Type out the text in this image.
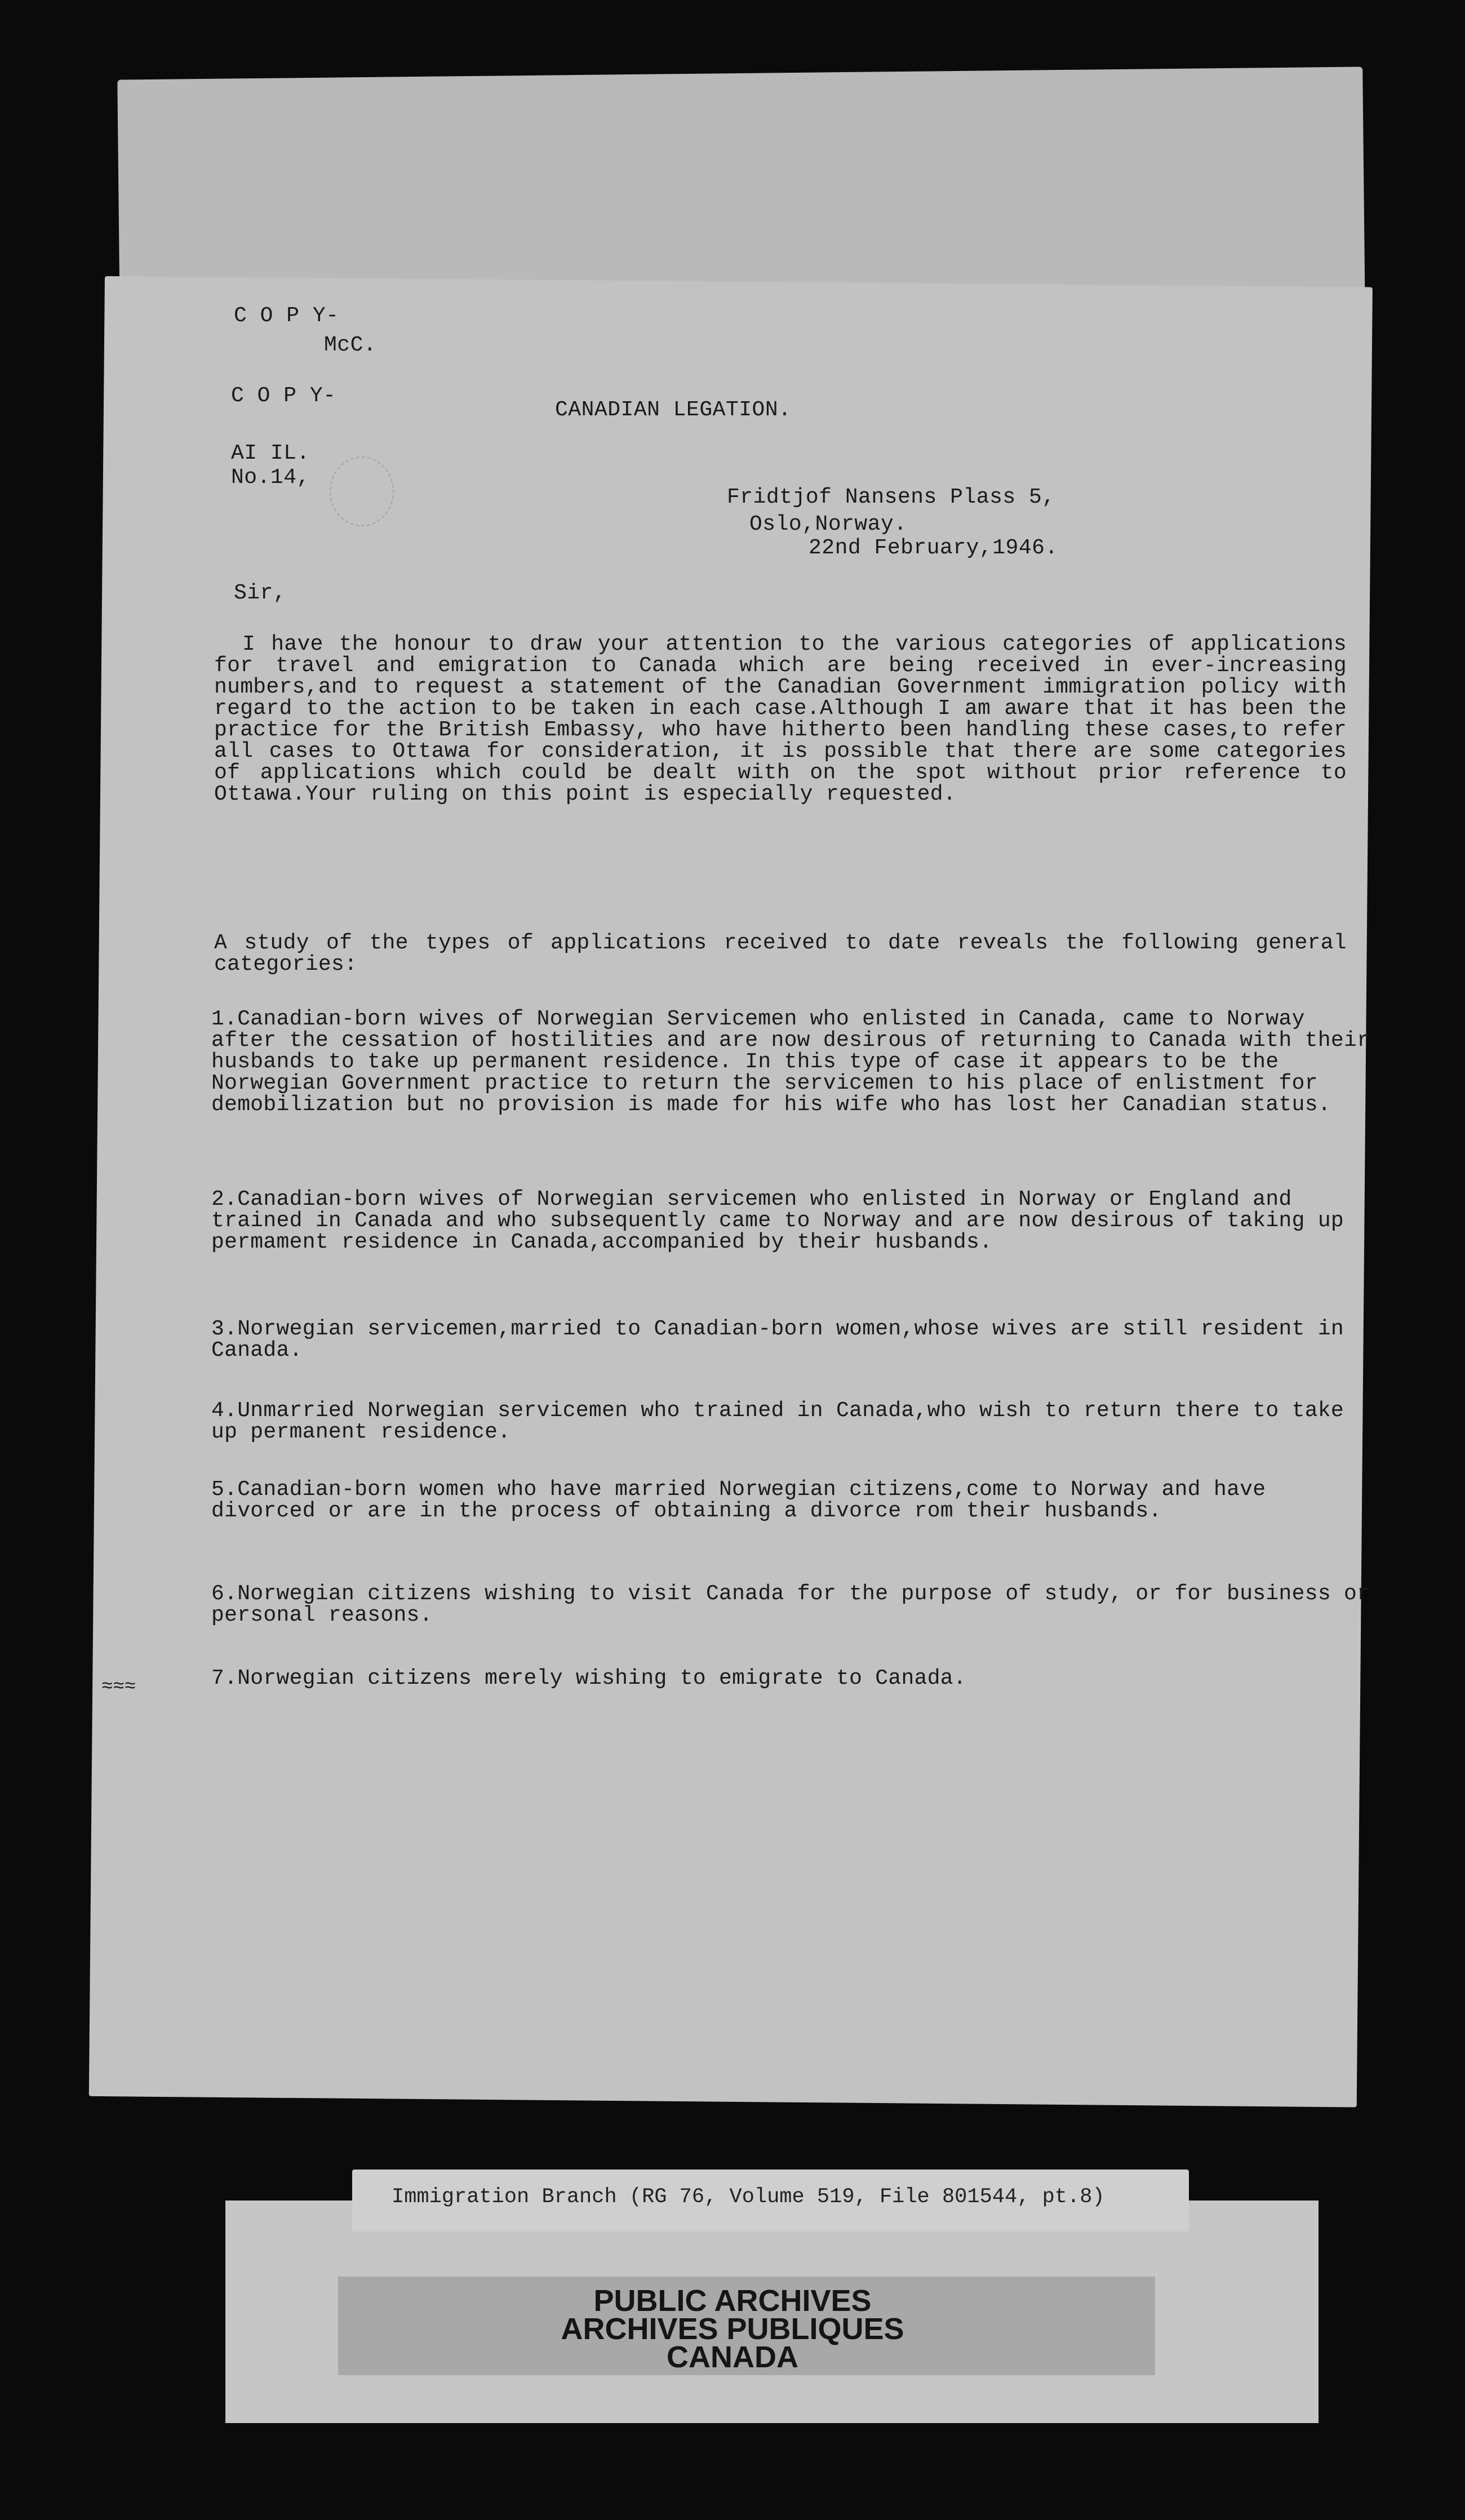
C O P Y-
McC.
C O P Y-
CANADIAN LEGATION.
AI IL.
No.14,
Fridtjof Nansens Plass 5,
Oslo,Norway.
22nd February,1946.
Sir,
I have the honour to draw your attention to the various categories of applications for travel and emigration to Canada which are being received in ever-increasing numbers,and to request a statement of the Canadian Government immigration policy with regard to the action to be taken in each case.Although I am aware that it has been the practice for the British Embassy, who have hitherto been handling these cases,to refer all cases to Ottawa for consideration, it is possible that there are some categories of applications which could be dealt with on the spot without prior reference to Ottawa.Your ruling on this point is especially requested.
A study of the types of applications received to date reveals the following general categories:
1.Canadian-born wives of Norwegian Servicemen who enlisted in Canada, came to Norway after the cessation of hostilities and are now desirous of returning to Canada with their husbands to take up permanent residence. In this type of case it appears to be the Norwegian Government practice to return the servicemen to his place of enlistment for demobilization but no provision is made for his wife who has lost her Canadian status.
2.Canadian-born wives of Norwegian servicemen who enlisted in Norway or England and trained in Canada and who subsequently came to Norway and are now desirous of taking up permament residence in Canada,accompanied by their husbands.
3.Norwegian servicemen,married to Canadian-born women,whose wives are still resident in Canada.
4.Unmarried Norwegian servicemen who trained in Canada,who wish to return there to take up permanent residence.
5.Canadian-born women who have married Norwegian citizens,come to Norway and have divorced or are in the process of obtaining a divorce rom their husbands.
6.Norwegian citizens wishing to visit Canada for the purpose of study, or for business or personal reasons.
7.Norwegian citizens merely wishing to emigrate to Canada.
≈≈≈
Immigration Branch (RG 76, Volume 519, File 801544, pt.8)
PUBLIC ARCHIVES
ARCHIVES PUBLIQUES
CANADA
